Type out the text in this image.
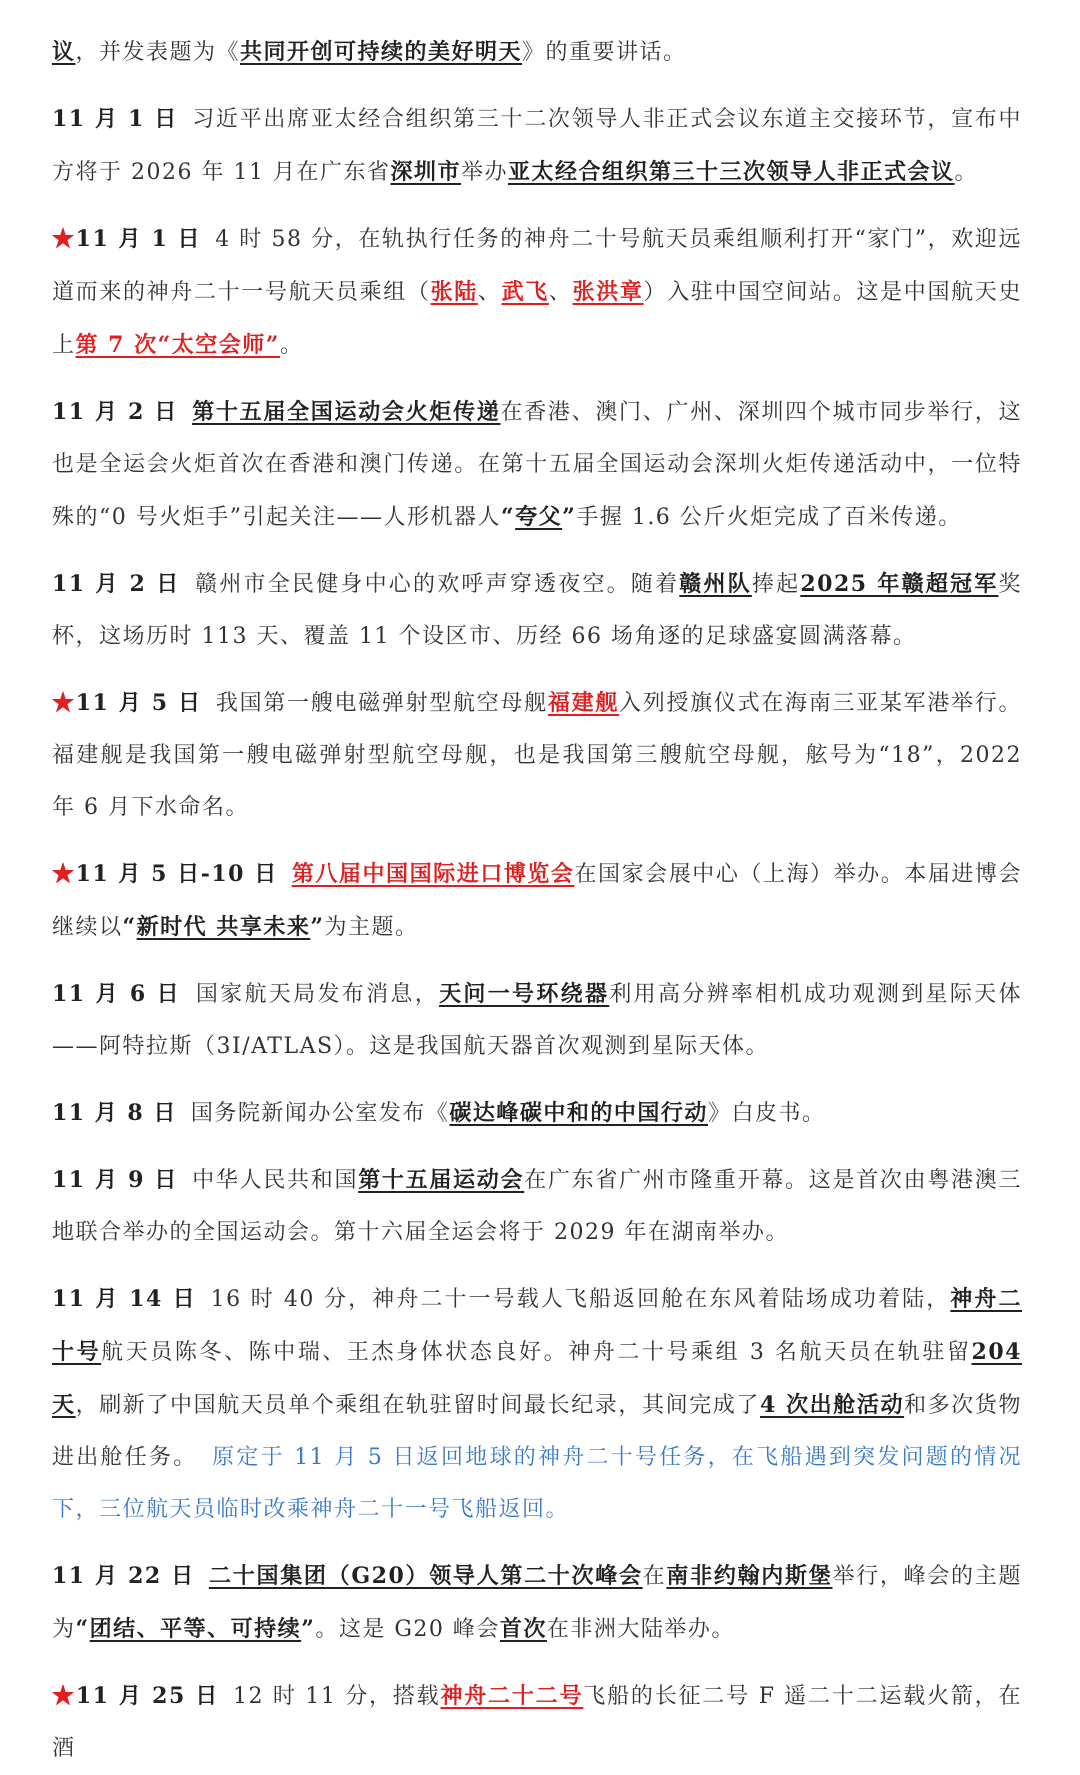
议，并发表题为《共同开创可持续的美好明天》的重要讲话。

11 月 1 日 习近平出席亚太经合组织第三十二次领导人非正式会议东道主交接环节，宣布中方将于 2026 年 11 月在广东省深圳市举办亚太经合组织第三十三次领导人非正式会议。

★11 月 1 日 4 时 58 分，在轨执行任务的神舟二十号航天员乘组顺利打开“家门”，欢迎远道而来的神舟二十一号航天员乘组（张陆、武飞、张洪章）入驻中国空间站。这是中国航天史上第 7 次“太空会师”。

11 月 2 日 第十五届全国运动会火炬传递在香港、澳门、广州、深圳四个城市同步举行，这也是全运会火炬首次在香港和澳门传递。在第十五届全国运动会深圳火炬传递活动中，一位特殊的“0 号火炬手”引起关注——人形机器人“夸父”手握 1.6 公斤火炬完成了百米传递。

11 月 2 日 赣州市全民健身中心的欢呼声穿透夜空。随着赣州队捧起2025 年赣超冠军奖杯，这场历时 113 天、覆盖 11 个设区市、历经 66 场角逐的足球盛宴圆满落幕。

★11 月 5 日 我国第一艘电磁弹射型航空母舰福建舰入列授旗仪式在海南三亚某军港举行。福建舰是我国第一艘电磁弹射型航空母舰，也是我国第三艘航空母舰，舷号为“18”，2022 年 6 月下水命名。

★11 月 5 日-10 日 第八届中国国际进口博览会在国家会展中心（上海）举办。本届进博会继续以“新时代 共享未来”为主题。

11 月 6 日 国家航天局发布消息，天问一号环绕器利用高分辨率相机成功观测到星际天体——阿特拉斯（3I/ATLAS）。这是我国航天器首次观测到星际天体。

11 月 8 日 国务院新闻办公室发布《碳达峰碳中和的中国行动》白皮书。

11 月 9 日 中华人民共和国第十五届运动会在广东省广州市隆重开幕。这是首次由粤港澳三地联合举办的全国运动会。第十六届全运会将于 2029 年在湖南举办。

11 月 14 日 16 时 40 分，神舟二十一号载人飞船返回舱在东风着陆场成功着陆，神舟二十号航天员陈冬、陈中瑞、王杰身体状态良好。神舟二十号乘组 3 名航天员在轨驻留204 天，刷新了中国航天员单个乘组在轨驻留时间最长纪录，其间完成了4 次出舱活动和多次货物进出舱任务。 原定于 11 月 5 日返回地球的神舟二十号任务，在飞船遇到突发问题的情况下，三位航天员临时改乘神舟二十一号飞船返回。

11 月 22 日 二十国集团（G20）领导人第二十次峰会在南非约翰内斯堡举行，峰会的主题为“团结、平等、可持续”。这是 G20 峰会首次在非洲大陆举办。

★11 月 25 日 12 时 11 分，搭载神舟二十二号飞船的长征二号 F 遥二十二运载火箭，在酒
